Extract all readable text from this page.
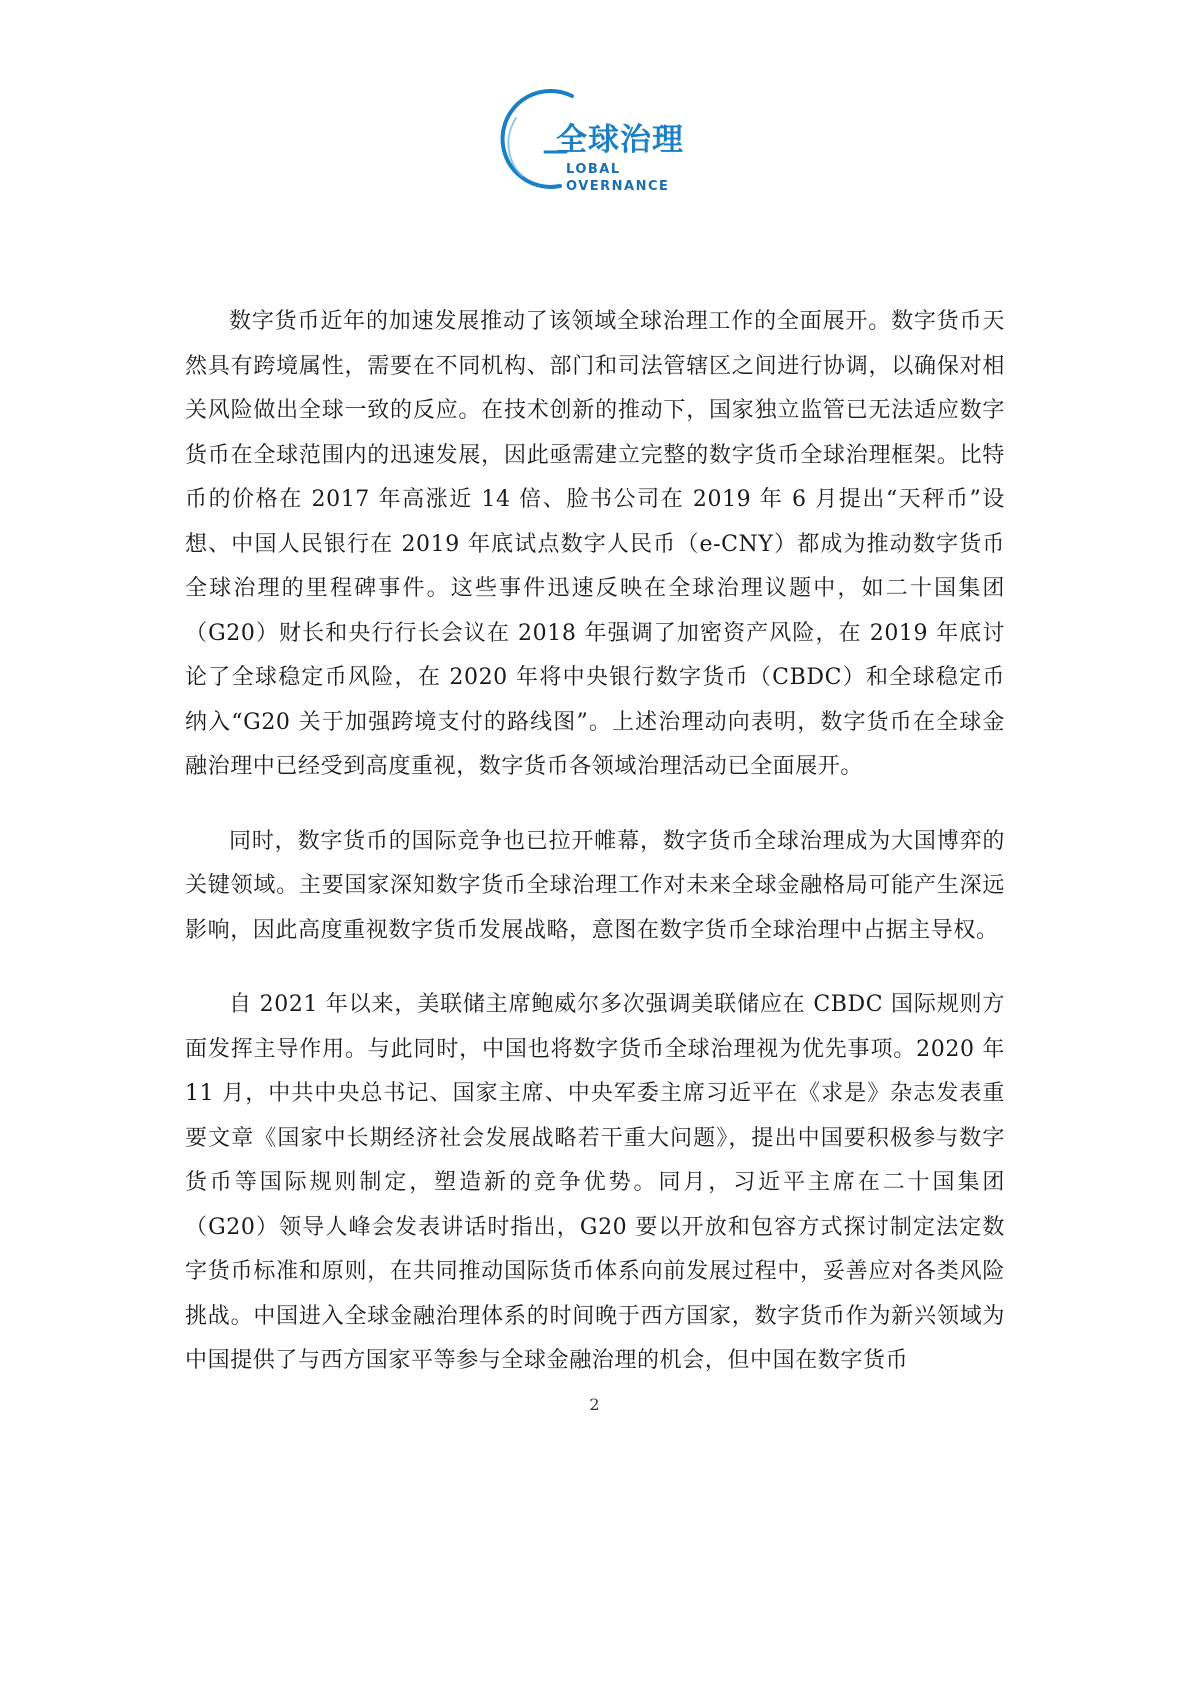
全球治理
LOBAL
OVERNANCE

数字货币近年的加速发展推动了该领域全球治理工作的全面展开。数字货币天然具有跨境属性，需要在不同机构、部门和司法管辖区之间进行协调，以确保对相关风险做出全球一致的反应。在技术创新的推动下，国家独立监管已无法适应数字货币在全球范围内的迅速发展，因此亟需建立完整的数字货币全球治理框架。比特币的价格在 2017 年高涨近 14 倍、脸书公司在 2019 年 6 月提出“天秤币”设想、中国人民银行在 2019 年底试点数字人民币（e-CNY）都成为推动数字货币全球治理的里程碑事件。这些事件迅速反映在全球治理议题中，如二十国集团（G20）财长和央行行长会议在 2018 年强调了加密资产风险，在 2019 年底讨论了全球稳定币风险，在 2020 年将中央银行数字货币（CBDC）和全球稳定币纳入“G20 关于加强跨境支付的路线图”。上述治理动向表明，数字货币在全球金融治理中已经受到高度重视，数字货币各领域治理活动已全面展开。

同时，数字货币的国际竞争也已拉开帷幕，数字货币全球治理成为大国博弈的关键领域。主要国家深知数字货币全球治理工作对未来全球金融格局可能产生深远影响，因此高度重视数字货币发展战略，意图在数字货币全球治理中占据主导权。

自 2021 年以来，美联储主席鲍威尔多次强调美联储应在 CBDC 国际规则方面发挥主导作用。与此同时，中国也将数字货币全球治理视为优先事项。2020 年 11 月，中共中央总书记、国家主席、中央军委主席习近平在《求是》杂志发表重要文章《国家中长期经济社会发展战略若干重大问题》，提出中国要积极参与数字货币等国际规则制定，塑造新的竞争优势。同月，习近平主席在二十国集团（G20）领导人峰会发表讲话时指出，G20 要以开放和包容方式探讨制定法定数字货币标准和原则，在共同推动国际货币体系向前发展过程中，妥善应对各类风险挑战。中国进入全球金融治理体系的时间晚于西方国家，数字货币作为新兴领域为中国提供了与西方国家平等参与全球金融治理的机会，但中国在数字货币

2
